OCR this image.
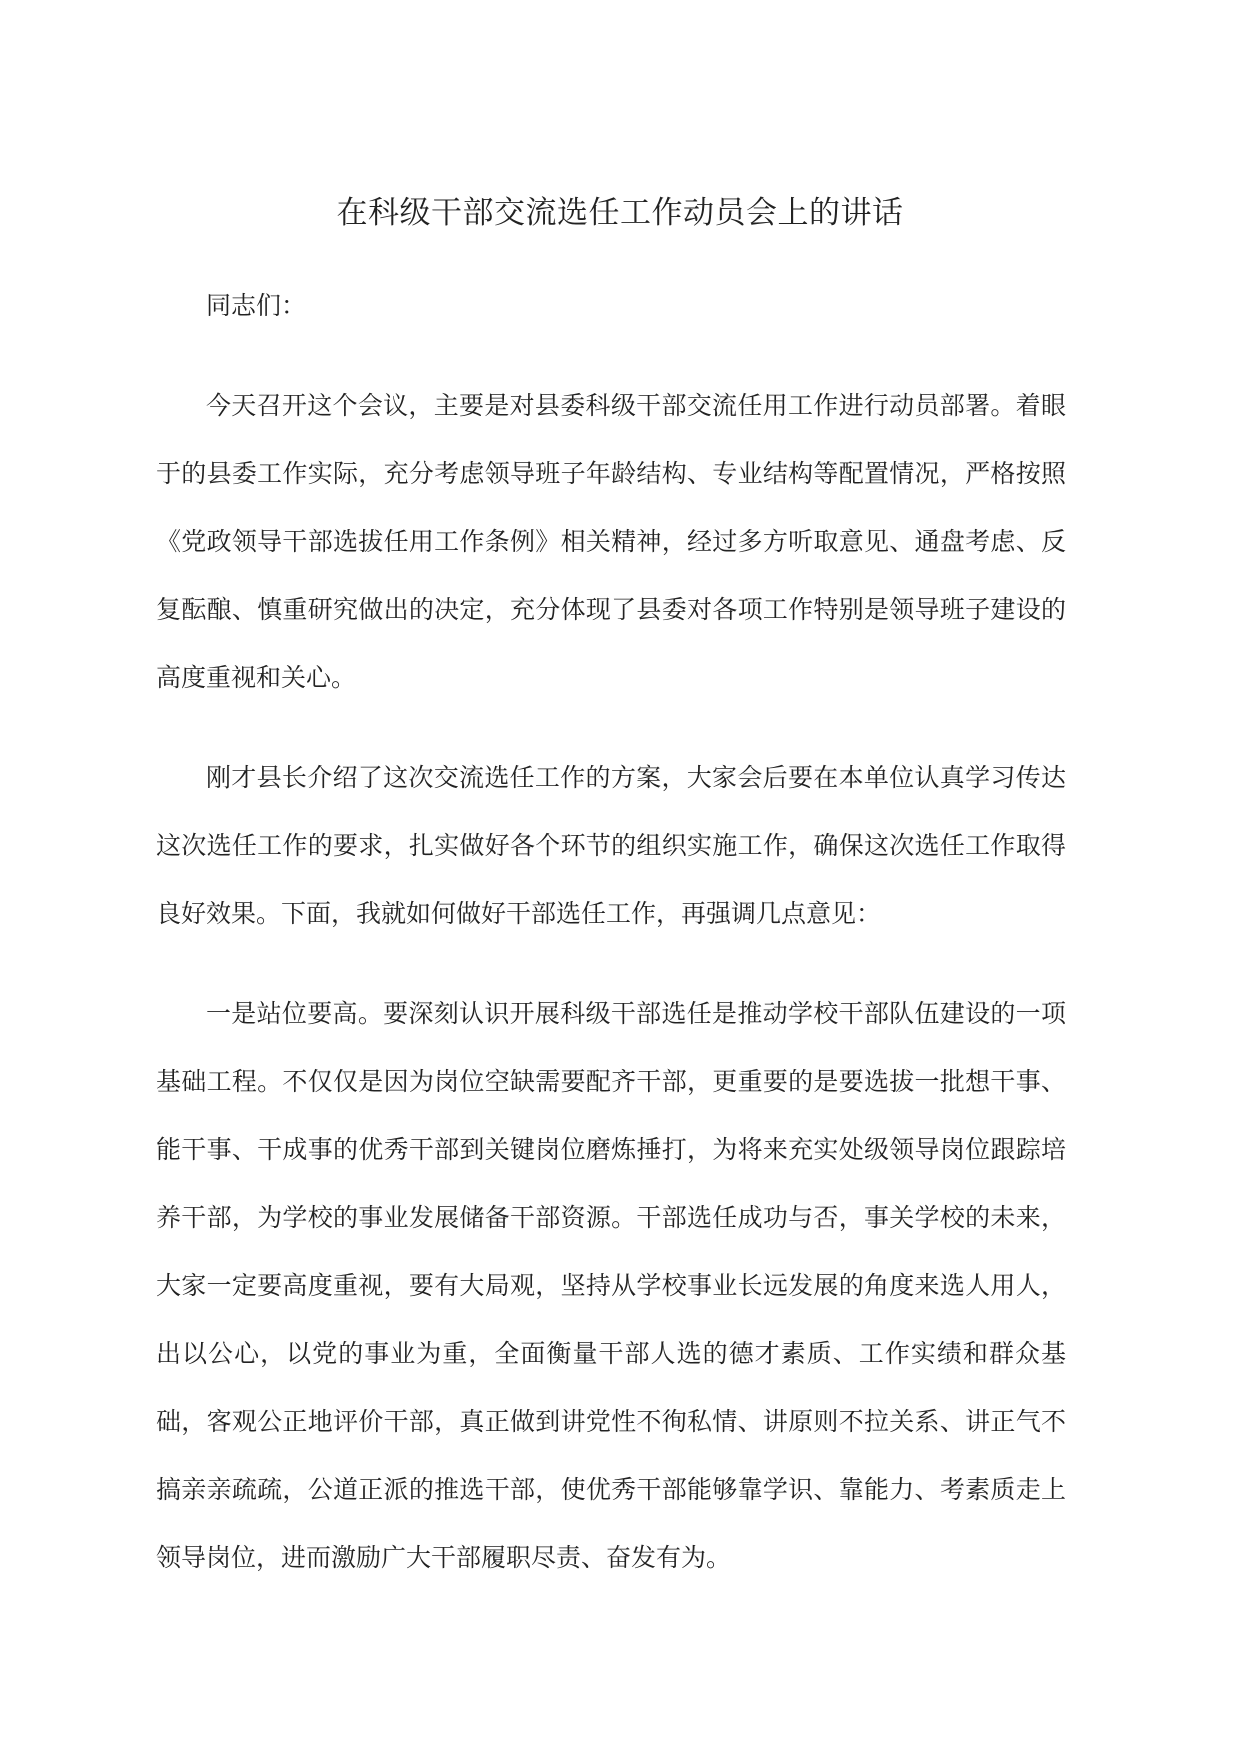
在科级干部交流选任工作动员会上的讲话

同志们：

今天召开这个会议，主要是对县委科级干部交流任用工作进行动员部署。着眼于的县委工作实际，充分考虑领导班子年龄结构、专业结构等配置情况，严格按照《党政领导干部选拔任用工作条例》相关精神，经过多方听取意见、通盘考虑、反复酝酿、慎重研究做出的决定，充分体现了县委对各项工作特别是领导班子建设的高度重视和关心。

刚才县长介绍了这次交流选任工作的方案，大家会后要在本单位认真学习传达这次选任工作的要求，扎实做好各个环节的组织实施工作，确保这次选任工作取得良好效果。下面，我就如何做好干部选任工作，再强调几点意见：

一是站位要高。要深刻认识开展科级干部选任是推动学校干部队伍建设的一项基础工程。不仅仅是因为岗位空缺需要配齐干部，更重要的是要选拔一批想干事、能干事、干成事的优秀干部到关键岗位磨炼捶打，为将来充实处级领导岗位跟踪培养干部，为学校的事业发展储备干部资源。干部选任成功与否，事关学校的未来，大家一定要高度重视，要有大局观，坚持从学校事业长远发展的角度来选人用人，出以公心，以党的事业为重，全面衡量干部人选的德才素质、工作实绩和群众基础，客观公正地评价干部，真正做到讲党性不徇私情、讲原则不拉关系、讲正气不搞亲亲疏疏，公道正派的推选干部，使优秀干部能够靠学识、靠能力、考素质走上领导岗位，进而激励广大干部履职尽责、奋发有为。
